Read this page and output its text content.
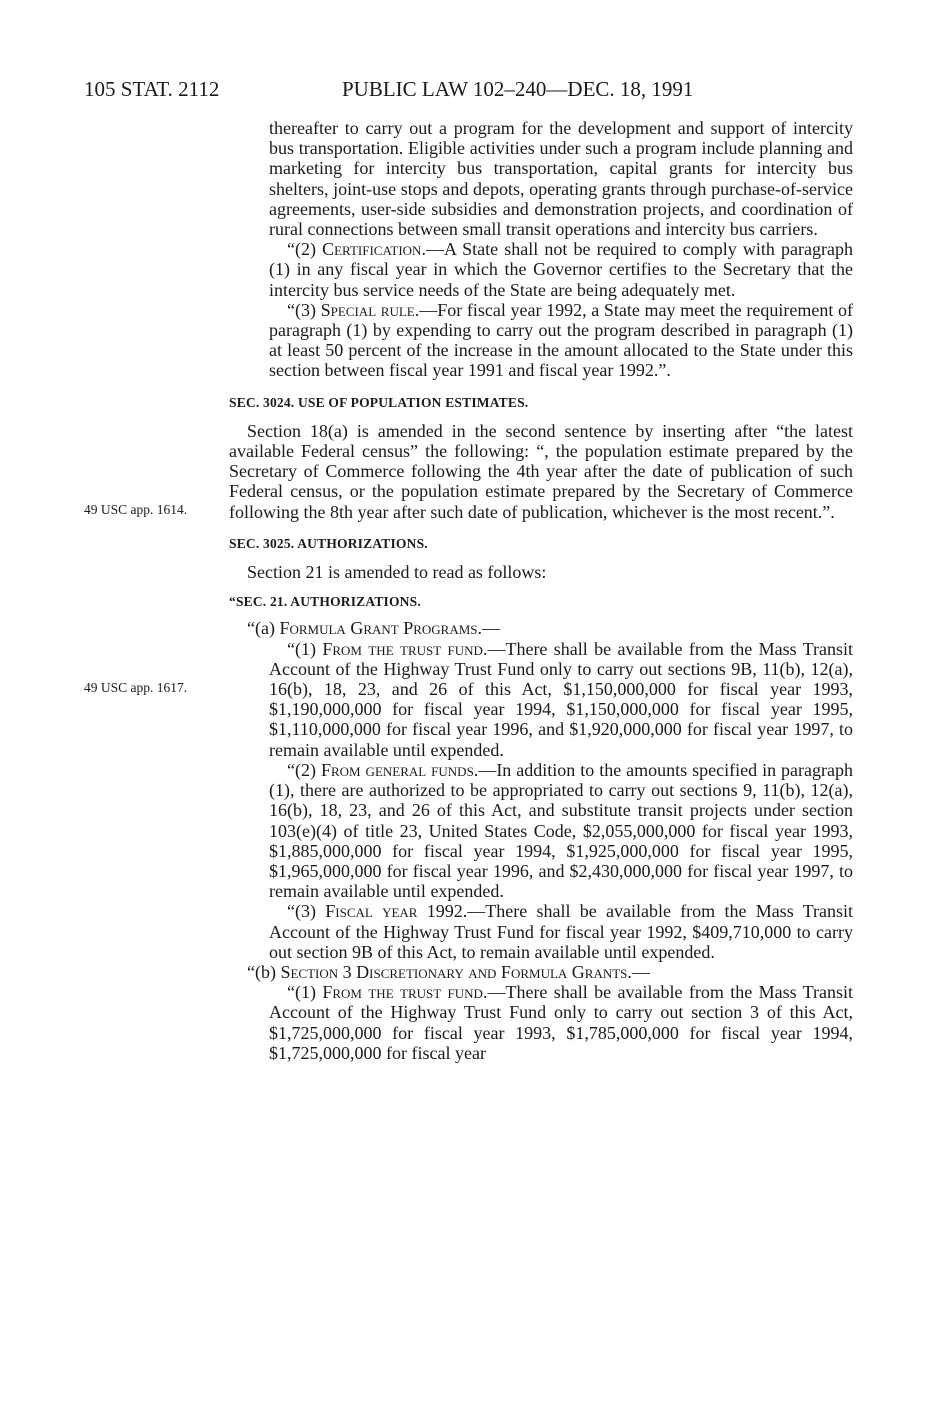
105 STAT. 2112	PUBLIC LAW 102–240—DEC. 18, 1991
49 USC app. 1614.
49 USC app. 1617.

thereafter to carry out a program for the development and support of intercity bus transportation. Eligible activities under such a program include planning and marketing for intercity bus transportation, capital grants for intercity bus shelters, joint-use stops and depots, operating grants through purchase-of-service agreements, user-side subsidies and demonstration projects, and coordination of rural connections between small transit operations and intercity bus carriers.

“(2) Certification.—A State shall not be required to comply with paragraph (1) in any fiscal year in which the Governor certifies to the Secretary that the intercity bus service needs of the State are being adequately met.

“(3) Special rule.—For fiscal year 1992, a State may meet the requirement of paragraph (1) by expending to carry out the program described in paragraph (1) at least 50 percent of the increase in the amount allocated to the State under this section between fiscal year 1991 and fiscal year 1992.”.

SEC. 3024. USE OF POPULATION ESTIMATES.

Section 18(a) is amended in the second sentence by inserting after “the latest available Federal census” the following: “, the population estimate prepared by the Secretary of Commerce following the 4th year after the date of publication of such Federal census, or the population estimate prepared by the Secretary of Commerce following the 8th year after such date of publication, whichever is the most recent.”.

SEC. 3025. AUTHORIZATIONS.

Section 21 is amended to read as follows:

“SEC. 21. AUTHORIZATIONS.

“(a) Formula Grant Programs.—

“(1) From the trust fund.—There shall be available from the Mass Transit Account of the Highway Trust Fund only to carry out sections 9B, 11(b), 12(a), 16(b), 18, 23, and 26 of this Act, $1,150,000,000 for fiscal year 1993, $1,190,000,000 for fiscal year 1994, $1,150,000,000 for fiscal year 1995, $1,110,000,000 for fiscal year 1996, and $1,920,000,000 for fiscal year 1997, to remain available until expended.

“(2) From general funds.—In addition to the amounts specified in paragraph (1), there are authorized to be appropriated to carry out sections 9, 11(b), 12(a), 16(b), 18, 23, and 26 of this Act, and substitute transit projects under section 103(e)(4) of title 23, United States Code, $2,055,000,000 for fiscal year 1993, $1,885,000,000 for fiscal year 1994, $1,925,000,000 for fiscal year 1995, $1,965,000,000 for fiscal year 1996, and $2,430,000,000 for fiscal year 1997, to remain available until expended.

“(3) Fiscal year 1992.—There shall be available from the Mass Transit Account of the Highway Trust Fund for fiscal year 1992, $409,710,000 to carry out section 9B of this Act, to remain available until expended.

“(b) Section 3 Discretionary and Formula Grants.—

“(1) From the trust fund.—There shall be available from the Mass Transit Account of the Highway Trust Fund only to carry out section 3 of this Act, $1,725,000,000 for fiscal year 1993, $1,785,000,000 for fiscal year 1994, $1,725,000,000 for fiscal year
